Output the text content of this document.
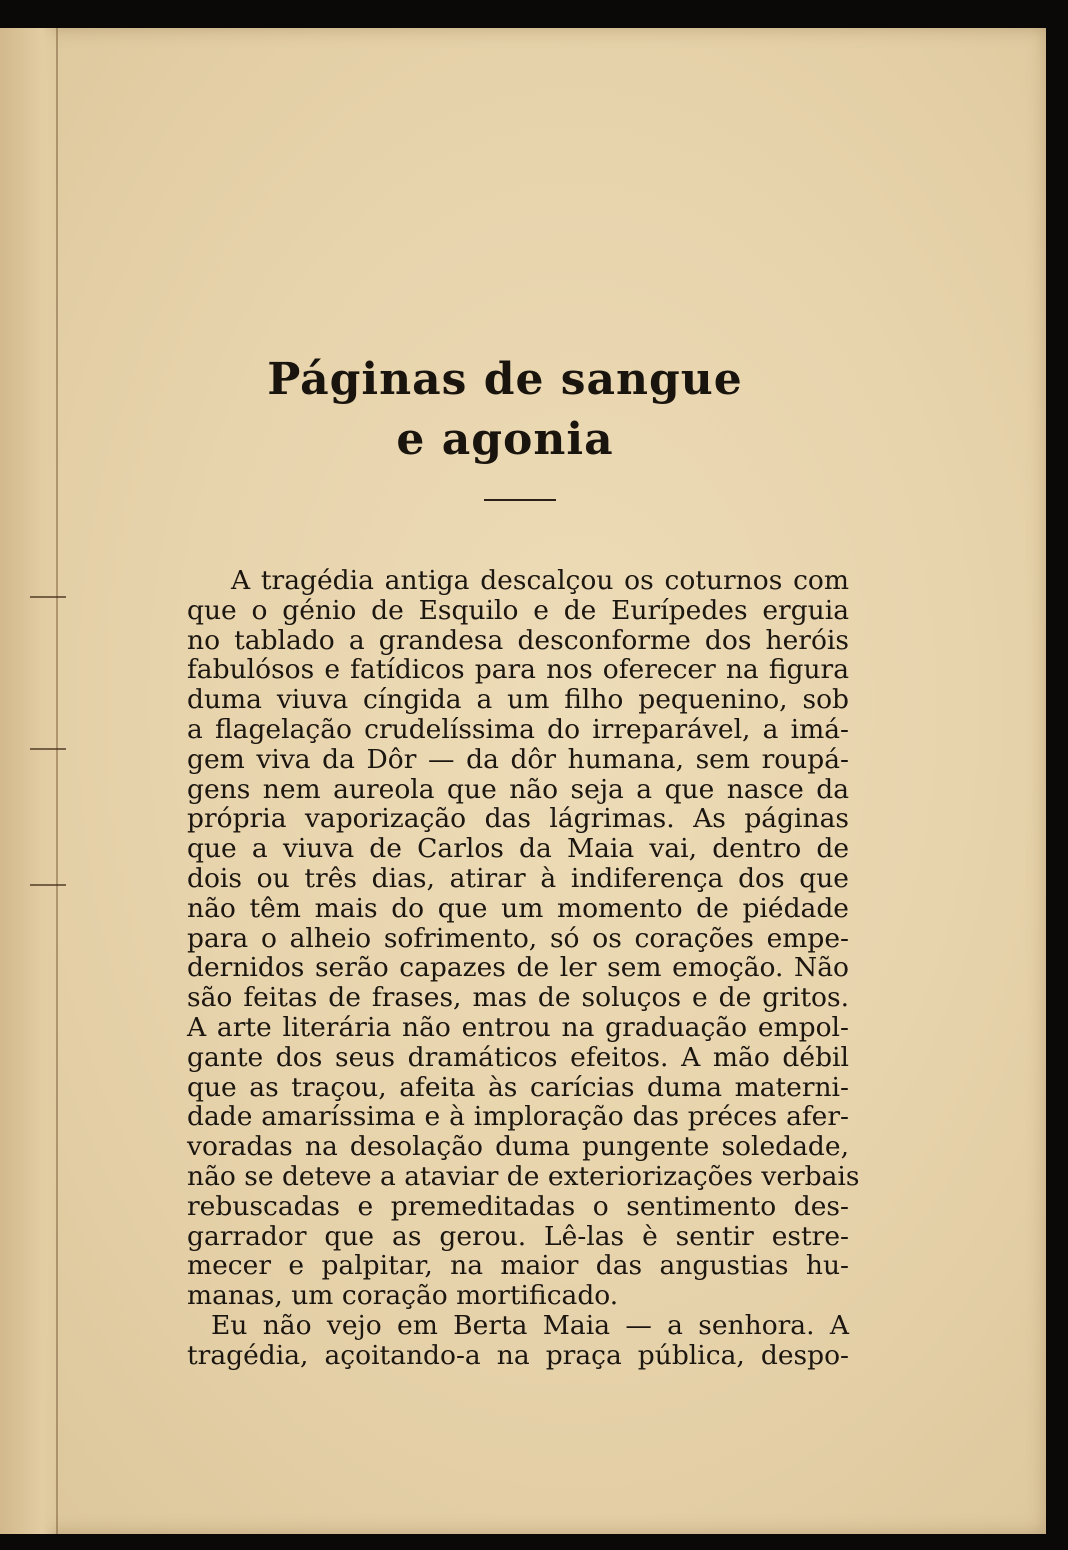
Páginas de sangue
e agonia
A tragédia antiga descalçou os coturnos com
que o génio de Esquilo e de Eurípedes erguia
no tablado a grandesa desconforme dos heróis
fabulósos e fatídicos para nos oferecer na figura
duma viuva cíngida a um filho pequenino, sob
a flagelação crudelíssima do irreparável, a imá-
gem viva da Dôr — da dôr humana, sem roupá-
gens nem aureola que não seja a que nasce da
própria vaporização das lágrimas. As páginas
que a viuva de Carlos da Maia vai, dentro de
dois ou três dias, atirar à indiferença dos que
não têm mais do que um momento de piédade
para o alheio sofrimento, só os corações empe-
dernidos serão capazes de ler sem emoção. Não
são feitas de frases, mas de soluços e de gritos.
A arte literária não entrou na graduação empol-
gante dos seus dramáticos efeitos. A mão débil
que as traçou, afeita às carícias duma materni-
dade amaríssima e à imploração das préces afer-
voradas na desolação duma pungente soledade,
não se deteve a ataviar de exteriorizações verbais
rebuscadas e premeditadas o sentimento des-
garrador que as gerou. Lê-las è sentir estre-
mecer e palpitar, na maior das angustias hu-
manas, um coração mortificado.
Eu não vejo em Berta Maia — a senhora. A
tragédia, açoitando-a na praça pública, despo-
